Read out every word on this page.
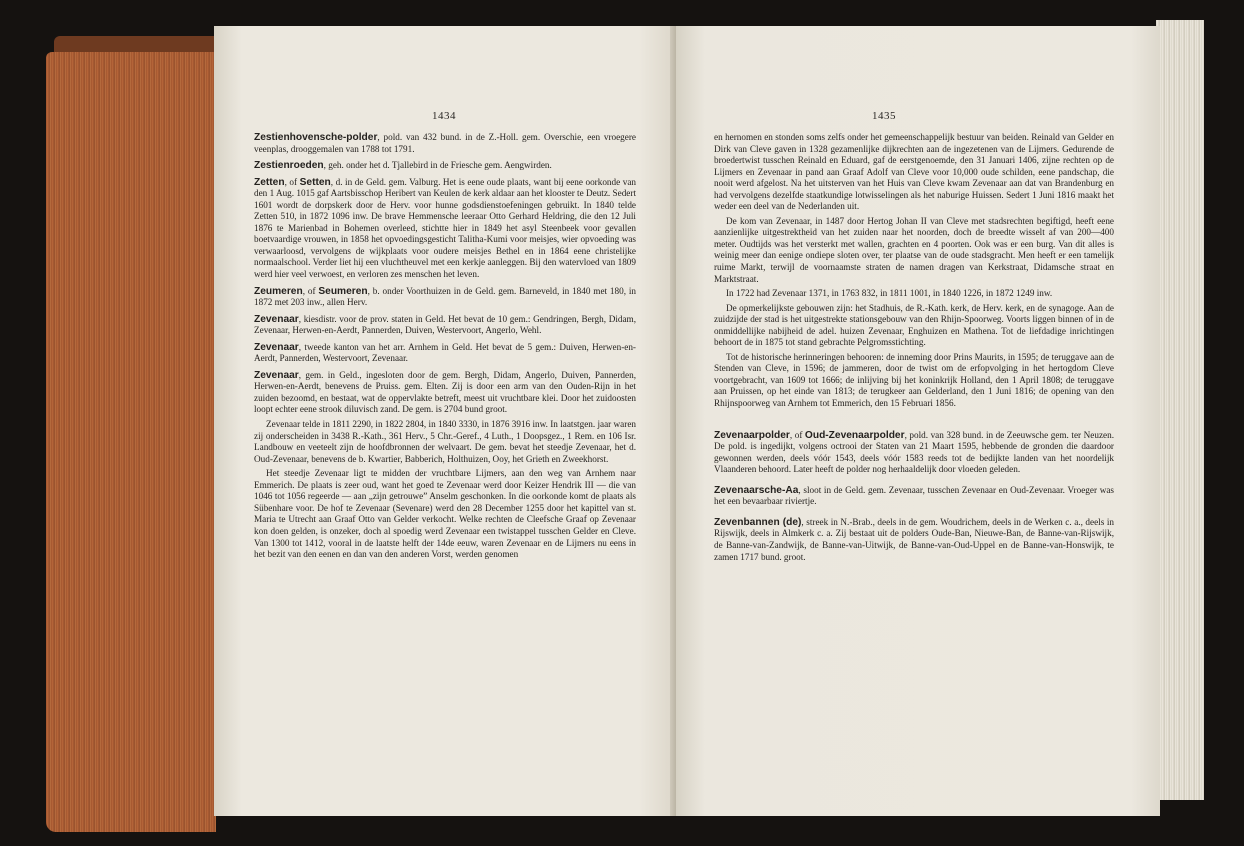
1434

Zestienhovensche-polder, pold. van 432 bund. in de Z.-Holl. gem. Overschie, een vroegere veenplas, drooggemalen van 1788 tot 1791.

Zestienroeden, geh. onder het d. Tjallebird in de Friesche gem. Aengwirden.

Zetten, of Setten, d. in de Geld. gem. Valburg. Het is eene oude plaats, want bij eene oorkonde van den 1 Aug. 1015 gaf Aartsbisschop Heribert van Keulen de kerk aldaar aan het klooster te Deutz. Sedert 1601 wordt de dorpskerk door de Herv. voor hunne godsdienstoefeningen gebruikt. In 1840 telde Zetten 510, in 1872 1096 inw. De brave Hemmensche leeraar Otto Gerhard Heldring, die den 12 Juli 1876 te Marienbad in Bohemen overleed, stichtte hier in 1849 het asyl Steenbeek voor gevallen boetvaardige vrouwen, in 1858 het opvoedingsgesticht Talitha-Kumi voor meisjes, wier opvoeding was verwaarloosd, vervolgens de wijkplaats voor oudere meisjes Bethel en in 1864 eene christelijke normaalschool. Verder liet hij een vluchtheuvel met een kerkje aanleggen. Bij den watervloed van 1809 werd hier veel verwoest, en verloren zes menschen het leven.

Zeumeren, of Seumeren, b. onder Voorthuizen in de Geld. gem. Barneveld, in 1840 met 180, in 1872 met 203 inw., allen Herv.

Zevenaar, kiesdistr. voor de prov. staten in Geld. Het bevat de 10 gem.: Gendringen, Bergh, Didam, Zevenaar, Herwen-en-Aerdt, Pannerden, Duiven, Westervoort, Angerlo, Wehl.

Zevenaar, tweede kanton van het arr. Arnhem in Geld. Het bevat de 5 gem.: Duiven, Herwen-en-Aerdt, Pannerden, Westervoort, Zevenaar.

Zevenaar, gem. in Geld., ingesloten door de gem. Bergh, Didam, Angerlo, Duiven, Pannerden, Herwen-en-Aerdt, benevens de Pruiss. gem. Elten. Zij is door een arm van den Ouden-Rijn in het zuiden bezoomd, en bestaat, wat de oppervlakte betreft, meest uit vruchtbare klei. Door het zuidoosten loopt echter eene strook diluvisch zand. De gem. is 2704 bund groot.

Zevenaar telde in 1811 2290, in 1822 2804, in 1840 3330, in 1876 3916 inw. In laatstgen. jaar waren zij onderscheiden in 3438 R.-Kath., 361 Herv., 5 Chr.-Geref., 4 Luth., 1 Doopsgez., 1 Rem. en 106 Isr. Landbouw en veeteelt zijn de hoofdbronnen der welvaart. De gem. bevat het steedje Zevenaar, het d. Oud-Zevenaar, benevens de b. Kwartier, Babberich, Holthuizen, Ooy, het Grieth en Zweekhorst.

Het steedje Zevenaar ligt te midden der vruchtbare Lijmers, aan den weg van Arnhem naar Emmerich. De plaats is zeer oud, want het goed te Zevenaar werd door Keizer Hendrik III — die van 1046 tot 1056 regeerde — aan „zijn getrouwe” Anselm geschonken. In die oorkonde komt de plaats als Sübenhare voor. De hof te Zevenaar (Sevenare) werd den 28 December 1255 door het kapittel van st. Maria te Utrecht aan Graaf Otto van Gelder verkocht. Welke rechten de Cleefsche Graaf op Zevenaar kon doen gelden, is onzeker, doch al spoedig werd Zevenaar een twistappel tusschen Gelder en Cleve. Van 1300 tot 1412, vooral in de laatste helft der 14de eeuw, waren Zevenaar en de Lijmers nu eens in het bezit van den eenen en dan van den anderen Vorst, werden genomen

1435

en hernomen en stonden soms zelfs onder het gemeenschappelijk bestuur van beiden. Reinald van Gelder en Dirk van Cleve gaven in 1328 gezamenlijke dijkrechten aan de ingezetenen van de Lijmers. Gedurende de broedertwist tusschen Reinald en Eduard, gaf de eerstgenoemde, den 31 Januari 1406, zijne rechten op de Lijmers en Zevenaar in pand aan Graaf Adolf van Cleve voor 10,000 oude schilden, eene pandschap, die nooit werd afgelost. Na het uitsterven van het Huis van Cleve kwam Zevenaar aan dat van Brandenburg en had vervolgens dezelfde staatkundige lotwisselingen als het naburige Huissen. Sedert 1 Juni 1816 maakt het weder een deel van de Nederlanden uit.

De kom van Zevenaar, in 1487 door Hertog Johan II van Cleve met stadsrechten begiftigd, heeft eene aanzienlijke uitgestrektheid van het zuiden naar het noorden, doch de breedte wisselt af van 200—400 meter. Oudtijds was het versterkt met wallen, grachten en 4 poorten. Ook was er een burg. Van dit alles is weinig meer dan eenige ondiepe sloten over, ter plaatse van de oude stadsgracht. Men heeft er een tamelijk ruime Markt, terwijl de voornaamste straten de namen dragen van Kerkstraat, Didamsche straat en Marktstraat.

In 1722 had Zevenaar 1371, in 1763 832, in 1811 1001, in 1840 1226, in 1872 1249 inw.

De opmerkelijkste gebouwen zijn: het Stadhuis, de R.-Kath. kerk, de Herv. kerk, en de synagoge. Aan de zuidzijde der stad is het uitgestrekte stationsgebouw van den Rhijn-Spoorweg. Voorts liggen binnen of in de onmiddellijke nabijheid de adel. huizen Zevenaar, Enghuizen en Mathena. Tot de liefdadige inrichtingen behoort de in 1875 tot stand gebrachte Pelgromsstichting.

Tot de historische herinneringen behooren: de inneming door Prins Maurits, in 1595; de teruggave aan de Stenden van Cleve, in 1596; de jammeren, door de twist om de erfopvolging in het hertogdom Cleve voortgebracht, van 1609 tot 1666; de inlijving bij het koninkrijk Holland, den 1 April 1808; de teruggave aan Pruissen, op het einde van 1813; de terugkeer aan Gelderland, den 1 Juni 1816; de opening van den Rhijnspoorweg van Arnhem tot Emmerich, den 15 Februari 1856.

Zevenaarpolder, of Oud-Zevenaarpolder, pold. van 328 bund. in de Zeeuwsche gem. ter Neuzen. De pold. is ingedijkt, volgens octrooi der Staten van 21 Maart 1595, hebbende de gronden die daardoor gewonnen werden, deels vóór 1543, deels vóór 1583 reeds tot de bedijkte landen van het noordelijk Vlaanderen behoord. Later heeft de polder nog herhaaldelijk door vloeden geleden.

Zevenaarsche-Aa, sloot in de Geld. gem. Zevenaar, tusschen Zevenaar en Oud-Zevenaar. Vroeger was het een bevaarbaar riviertje.

Zevenbannen (de), streek in N.-Brab., deels in de gem. Woudrichem, deels in de Werken c. a., deels in Rijswijk, deels in Almkerk c. a. Zij bestaat uit de polders Oude-Ban, Nieuwe-Ban, de Banne-van-Rijswijk, de Banne-van-Zandwijk, de Banne-van-Uitwijk, de Banne-van-Oud-Uppel en de Banne-van-Honswijk, te zamen 1717 bund. groot.
